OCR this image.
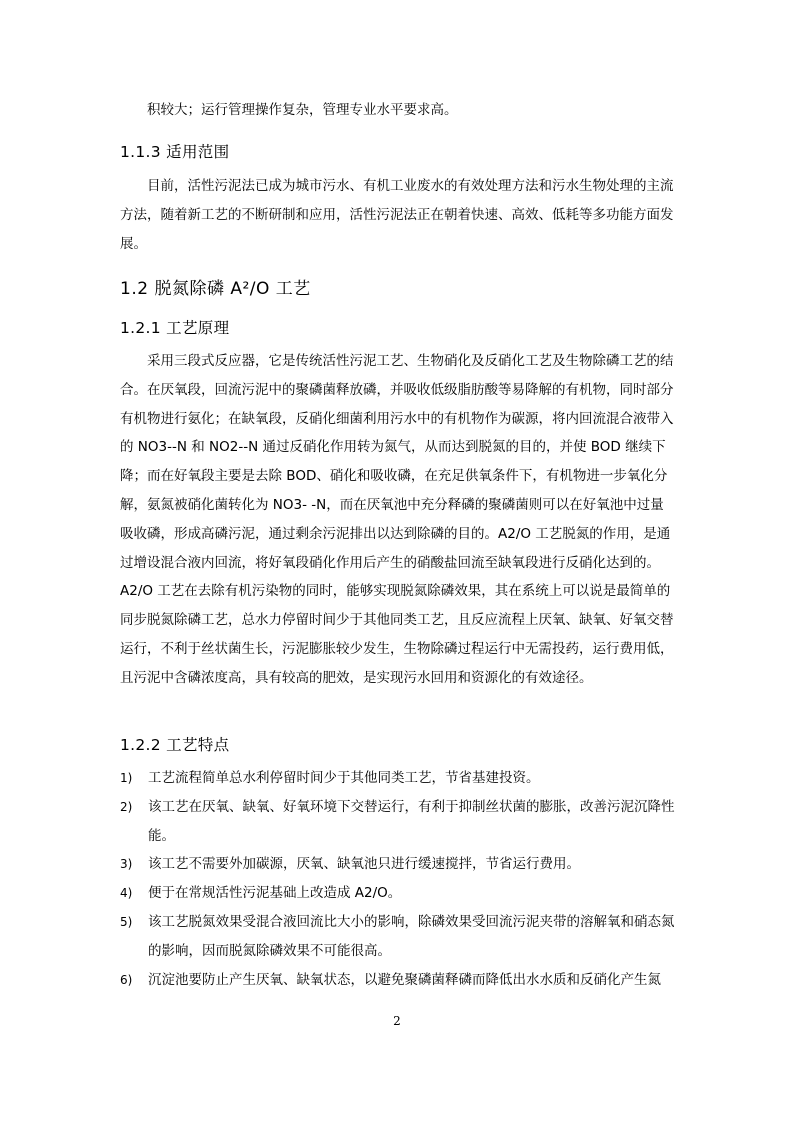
积较大；运行管理操作复杂，管理专业水平要求高。

1.1.3 适用范围

目前，活性污泥法已成为城市污水、有机工业废水的有效处理方法和污水生物处理的主流方法，随着新工艺的不断研制和应用，活性污泥法正在朝着快速、高效、低耗等多功能方面发展。

1.2 脱氮除磷 A²/O 工艺
1.2.1 工艺原理

采用三段式反应器，它是传统活性污泥工艺、生物硝化及反硝化工艺及生物除磷工艺的结合。在厌氧段，回流污泥中的聚磷菌释放磷，并吸收低级脂肪酸等易降解的有机物，同时部分有机物进行氨化；在缺氧段，反硝化细菌利用污水中的有机物作为碳源，将内回流混合液带入的 NO3--N 和 NO2--N 通过反硝化作用转为氮气，从而达到脱氮的目的，并使 BOD 继续下降；而在好氧段主要是去除 BOD、硝化和吸收磷，在充足供氧条件下，有机物进一步氧化分解，氨氮被硝化菌转化为 NO3- -N，而在厌氧池中充分释磷的聚磷菌则可以在好氧池中过量吸收磷，形成高磷污泥，通过剩余污泥排出以达到除磷的目的。A2/O 工艺脱氮的作用，是通过增设混合液内回流，将好氧段硝化作用后产生的硝酸盐回流至缺氧段进行反硝化达到的。A2/O 工艺在去除有机污染物的同时，能够实现脱氮除磷效果，其在系统上可以说是最简单的同步脱氮除磷工艺，总水力停留时间少于其他同类工艺，且反应流程上厌氧、缺氧、好氧交替运行，不利于丝状菌生长，污泥膨胀较少发生，生物除磷过程运行中无需投药，运行费用低，且污泥中含磷浓度高，具有较高的肥效，是实现污水回用和资源化的有效途径。

1.2.2 工艺特点
1) 工艺流程简单总水利停留时间少于其他同类工艺，节省基建投资。
2) 该工艺在厌氧、缺氧、好氧环境下交替运行，有利于抑制丝状菌的膨胀，改善污泥沉降性能。
3) 该工艺不需要外加碳源，厌氧、缺氧池只进行缓速搅拌，节省运行费用。
4) 便于在常规活性污泥基础上改造成 A2/O。
5) 该工艺脱氮效果受混合液回流比大小的影响，除磷效果受回流污泥夹带的溶解氧和硝态氮的影响，因而脱氮除磷效果不可能很高。
6) 沉淀池要防止产生厌氧、缺氧状态，以避免聚磷菌释磷而降低出水水质和反硝化产生氮
2
